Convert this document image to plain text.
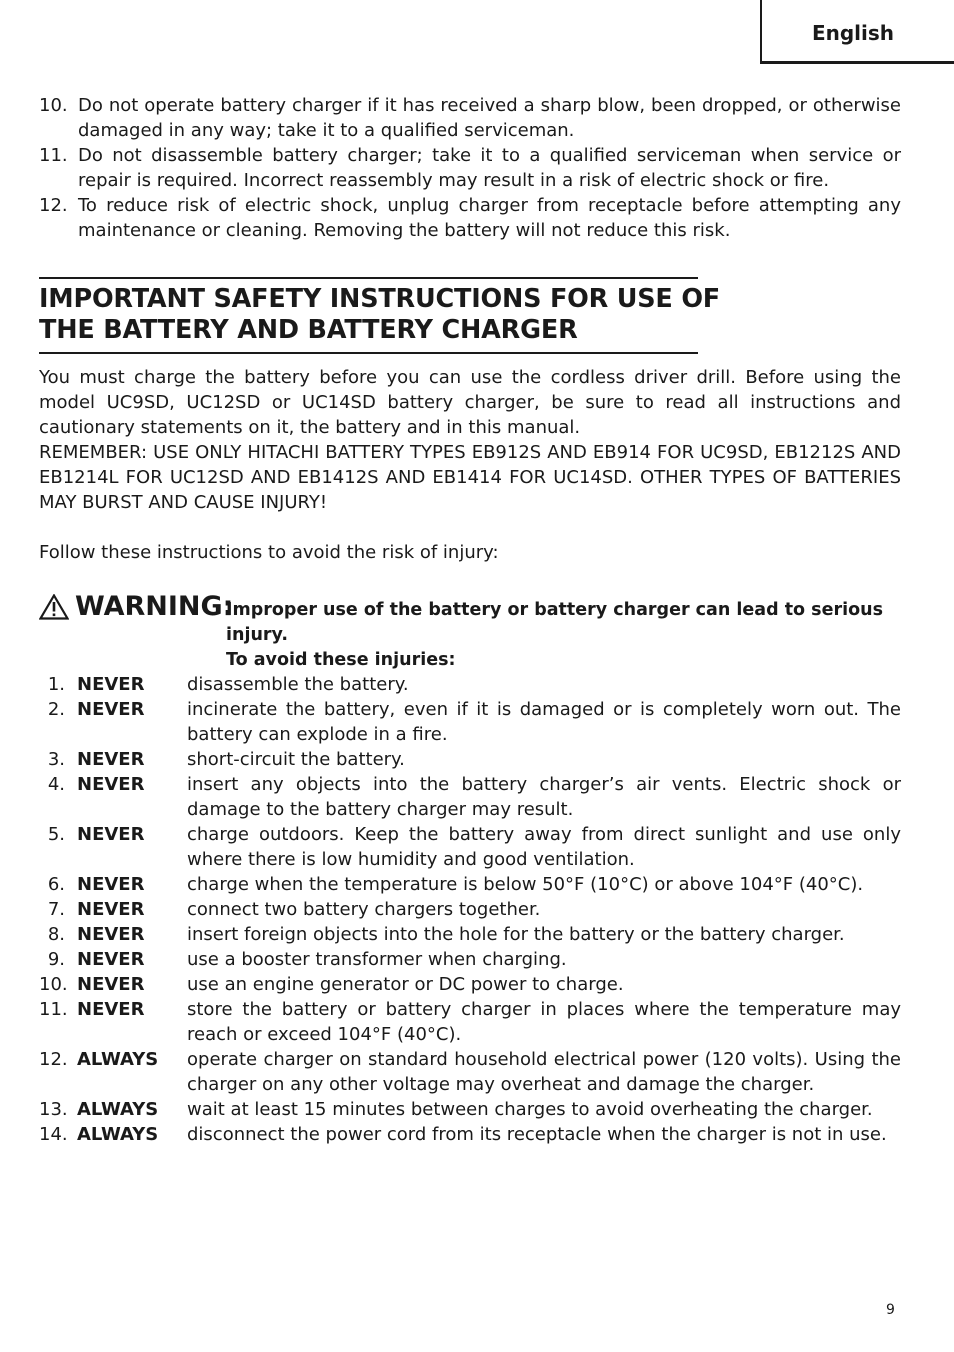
English
10. Do not operate battery charger if it has received a sharp blow, been dropped, or otherwise damaged in any way; take it to a qualified serviceman.
11. Do not disassemble battery charger; take it to a qualified serviceman when service or repair is required. Incorrect reassembly may result in a risk of electric shock or fire.
12. To reduce risk of electric shock, unplug charger from receptacle before attempting any maintenance or cleaning. Removing the battery will not reduce this risk.
IMPORTANT SAFETY INSTRUCTIONS FOR USE OF
THE BATTERY AND BATTERY CHARGER

You must charge the battery before you can use the cordless driver drill. Before using the model UC9SD, UC12SD or UC14SD battery charger, be sure to read all instructions and cautionary statements on it, the battery and in this manual.

REMEMBER: USE ONLY HITACHI BATTERY TYPES EB912S AND EB914 FOR UC9SD, EB1212S AND EB1214L FOR UC12SD AND EB1412S AND EB1414 FOR UC14SD. OTHER TYPES OF BATTERIES MAY BURST AND CAUSE INJURY!

Follow these instructions to avoid the risk of injury:

WARNING:
Improper use of the battery or battery charger can lead to serious injury.
To avoid these injuries:
1. NEVER	disassemble the battery.
2. NEVER	incinerate the battery, even if it is damaged or is completely worn out. The battery can explode in a fire.
3. NEVER	short-circuit the battery.
4. NEVER	insert any objects into the battery charger’s air vents. Electric shock or damage to the battery charger may result.
5. NEVER	charge outdoors. Keep the battery away from direct sunlight and use only where there is low humidity and good ventilation.
6. NEVER	charge when the temperature is below 50°F (10°C) or above 104°F (40°C).
7. NEVER	connect two battery chargers together.
8. NEVER	insert foreign objects into the hole for the battery or the battery charger.
9. NEVER	use a booster transformer when charging.
10. NEVER	use an engine generator or DC power to charge.
11. NEVER	store the battery or battery charger in places where the temperature may reach or exceed 104°F (40°C).
12. ALWAYS	operate charger on standard household electrical power (120 volts). Using the charger on any other voltage may overheat and damage the charger.
13. ALWAYS	wait at least 15 minutes between charges to avoid overheating the charger.
14. ALWAYS	disconnect the power cord from its receptacle when the charger is not in use.
9
